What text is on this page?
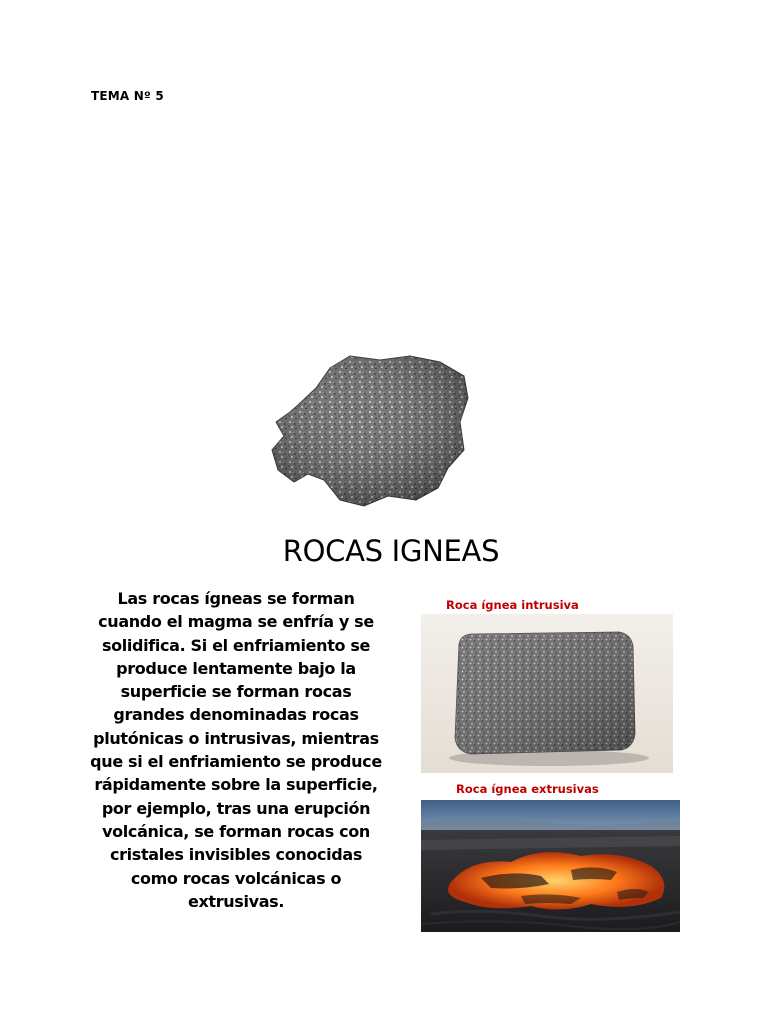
TEMA Nº 5
ROCAS IGNEAS
Las rocas ígneas se forman cuando el magma se enfría y se solidifica. Si el enfriamiento se produce lentamente bajo la superficie se forman rocas grandes denominadas rocas plutónicas o intrusivas, mientras que si el enfriamiento se produce rápidamente sobre la superficie, por ejemplo, tras una erupción volcánica, se forman rocas con cristales invisibles conocidas como rocas volcánicas o extrusivas.
Roca ígnea intrusiva
Roca ígnea extrusivas
